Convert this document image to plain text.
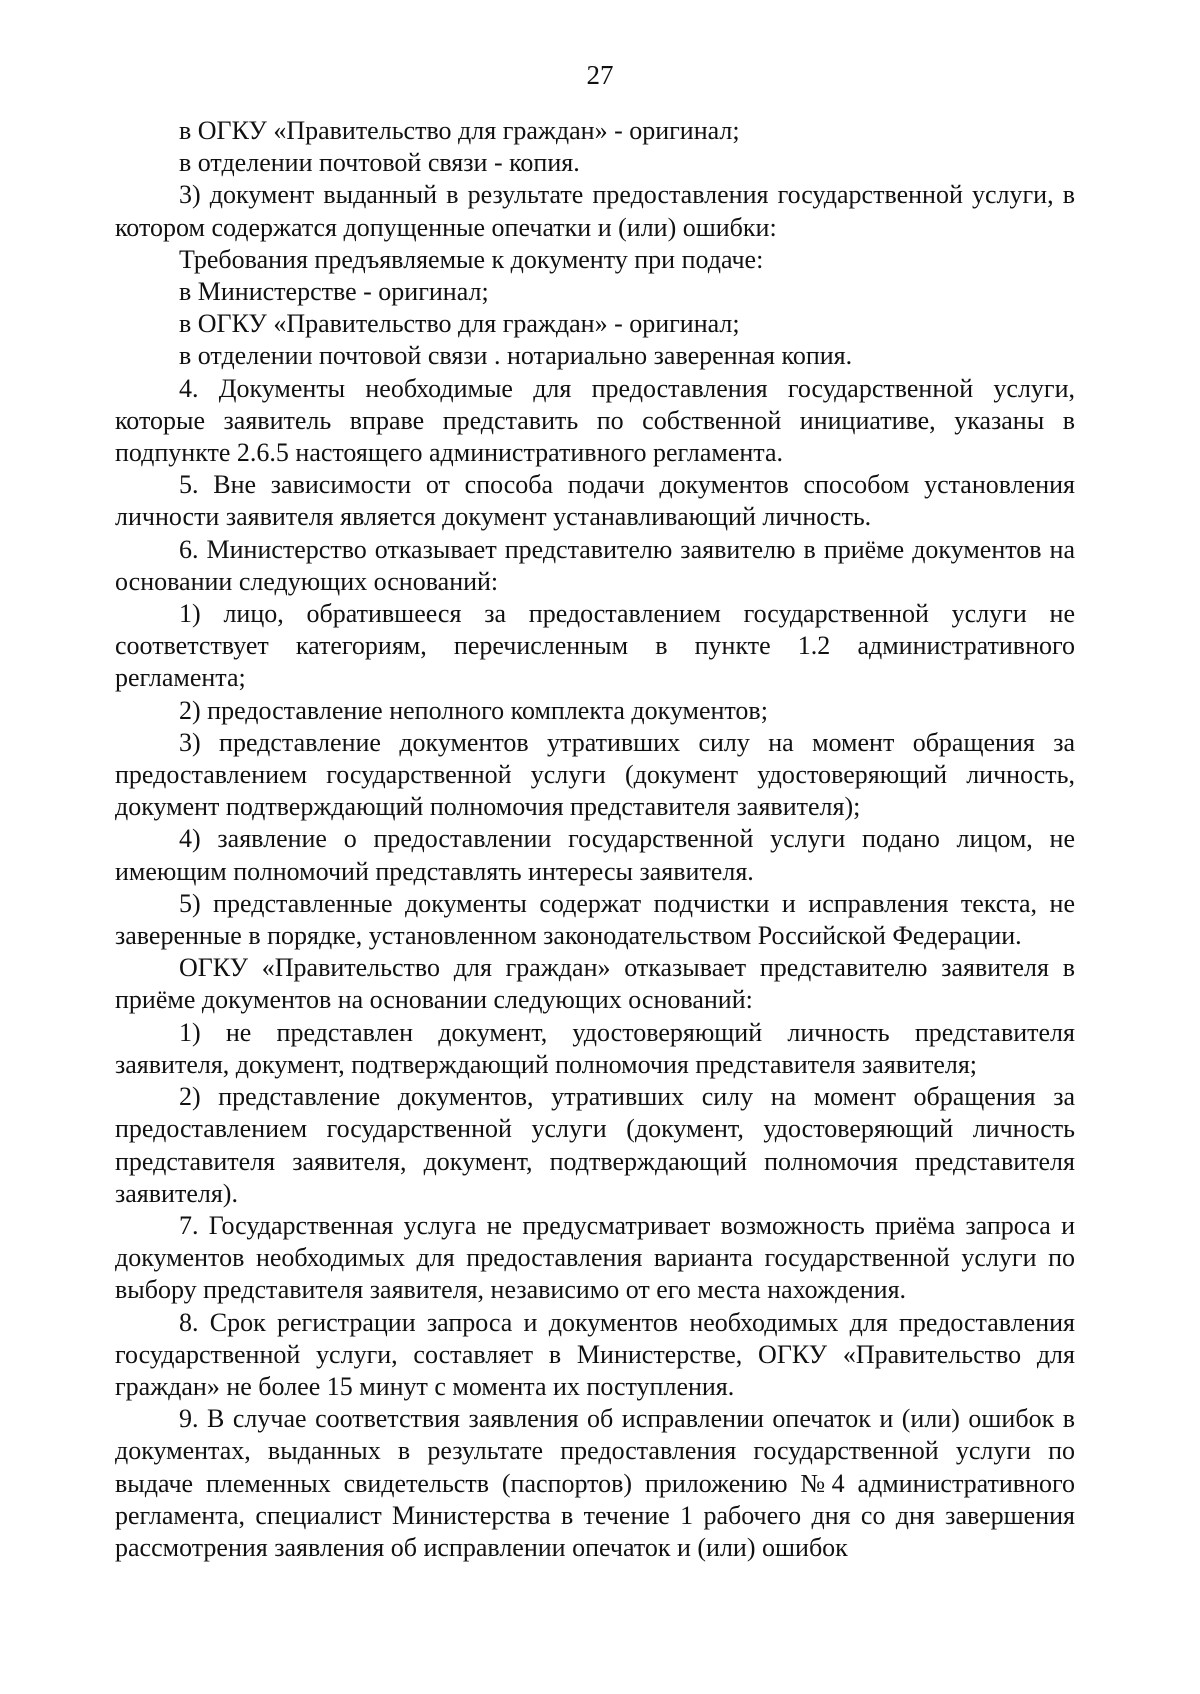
27

в ОГКУ «Правительство для граждан» - оригинал;

в отделении почтовой связи - копия.

3) документ выданный в результате предоставления государственной услуги, в котором содержатся допущенные опечатки и (или) ошибки:

Требования предъявляемые к документу при подаче:

в Министерстве - оригинал;

в ОГКУ «Правительство для граждан» - оригинал;

в отделении почтовой связи . нотариально заверенная копия.

4. Документы необходимые для предоставления государственной услуги, которые заявитель вправе представить по собственной инициативе, указаны в подпункте 2.6.5 настоящего административного регламента.

5. Вне зависимости от способа подачи документов способом установления личности заявителя является документ устанавливающий личность.

6. Министерство отказывает представителю заявителю в приёме документов на основании следующих оснований:

1) лицо, обратившееся за предоставлением государственной услуги не соответствует категориям, перечисленным в пункте 1.2 административного регламента;

2) предоставление неполного комплекта документов;

3) представление документов утративших силу на момент обращения за предоставлением государственной услуги (документ удостоверяющий личность, документ подтверждающий полномочия представителя заявителя);

4) заявление о предоставлении государственной услуги подано лицом, не имеющим полномочий представлять интересы заявителя.

5) представленные документы содержат подчистки и исправления текста, не заверенные в порядке, установленном законодательством Российской Федерации.

ОГКУ «Правительство для граждан» отказывает представителю заявителя в приёме документов на основании следующих оснований:

1) не представлен документ, удостоверяющий личность представителя заявителя, документ, подтверждающий полномочия представителя заявителя;

2) представление документов, утративших силу на момент обращения за предоставлением государственной услуги (документ, удостоверяющий личность представителя заявителя, документ, подтверждающий полномочия представителя заявителя).

7. Государственная услуга не предусматривает возможность приёма запроса и документов необходимых для предоставления варианта государственной услуги по выбору представителя заявителя, независимо от его места нахождения.

8. Срок регистрации запроса и документов необходимых для предоставления государственной услуги, составляет в Министерстве, ОГКУ «Правительство для граждан» не более 15 минут с момента их поступления.

9. В случае соответствия заявления об исправлении опечаток и (или) ошибок в документах, выданных в результате предоставления государственной услуги по выдаче племенных свидетельств (паспортов) приложению №4 административного регламента, специалист Министерства в течение 1 рабочего дня со дня завершения рассмотрения заявления об исправлении опечаток и (или) ошибок
